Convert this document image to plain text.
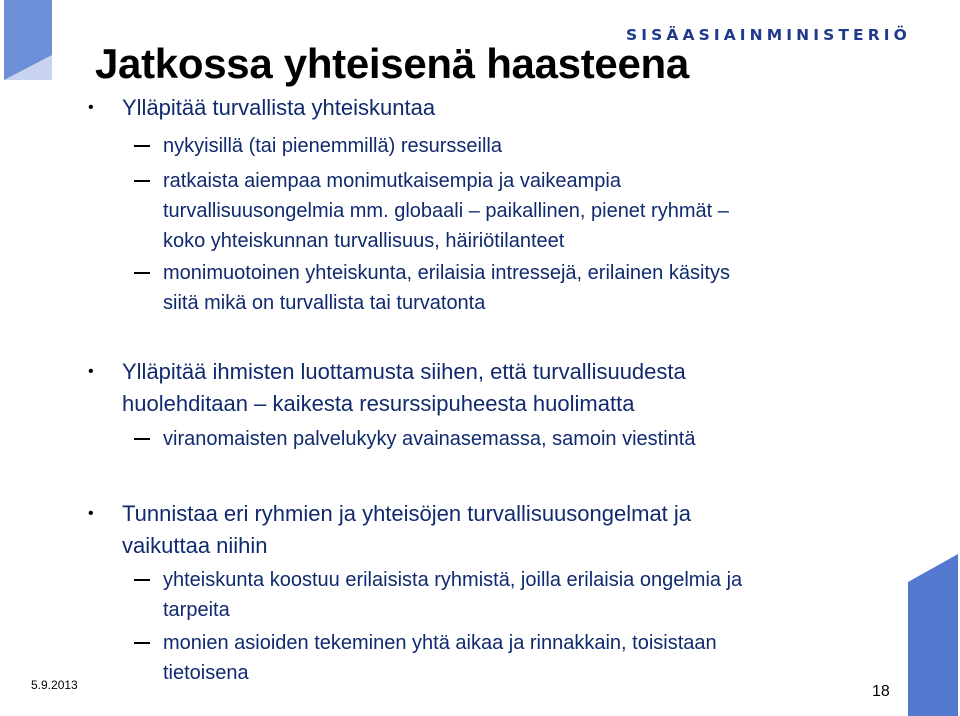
SISÄASIAINMINISTERIÖ
Jatkossa yhteisenä haasteena
• Ylläpitää turvallista yhteiskuntaa
nykyisillä (tai pienemmillä) resursseilla
ratkaista aiempaa monimutkaisempia ja vaikeampia
turvallisuusongelmia mm. globaali – paikallinen, pienet ryhmät –
koko yhteiskunnan turvallisuus, häiriötilanteet
monimuotoinen yhteiskunta, erilaisia intressejä, erilainen käsitys
siitä mikä on turvallista tai turvatonta
• Ylläpitää ihmisten luottamusta siihen, että turvallisuudesta
huolehditaan – kaikesta resurssipuheesta huolimatta
viranomaisten palvelukyky avainasemassa, samoin viestintä
• Tunnistaa eri ryhmien ja yhteisöjen turvallisuusongelmat ja
vaikuttaa niihin
yhteiskunta koostuu erilaisista ryhmistä, joilla erilaisia ongelmia ja
tarpeita
monien asioiden tekeminen yhtä aikaa ja rinnakkain, toisistaan
tietoisena
5.9.2013	18
